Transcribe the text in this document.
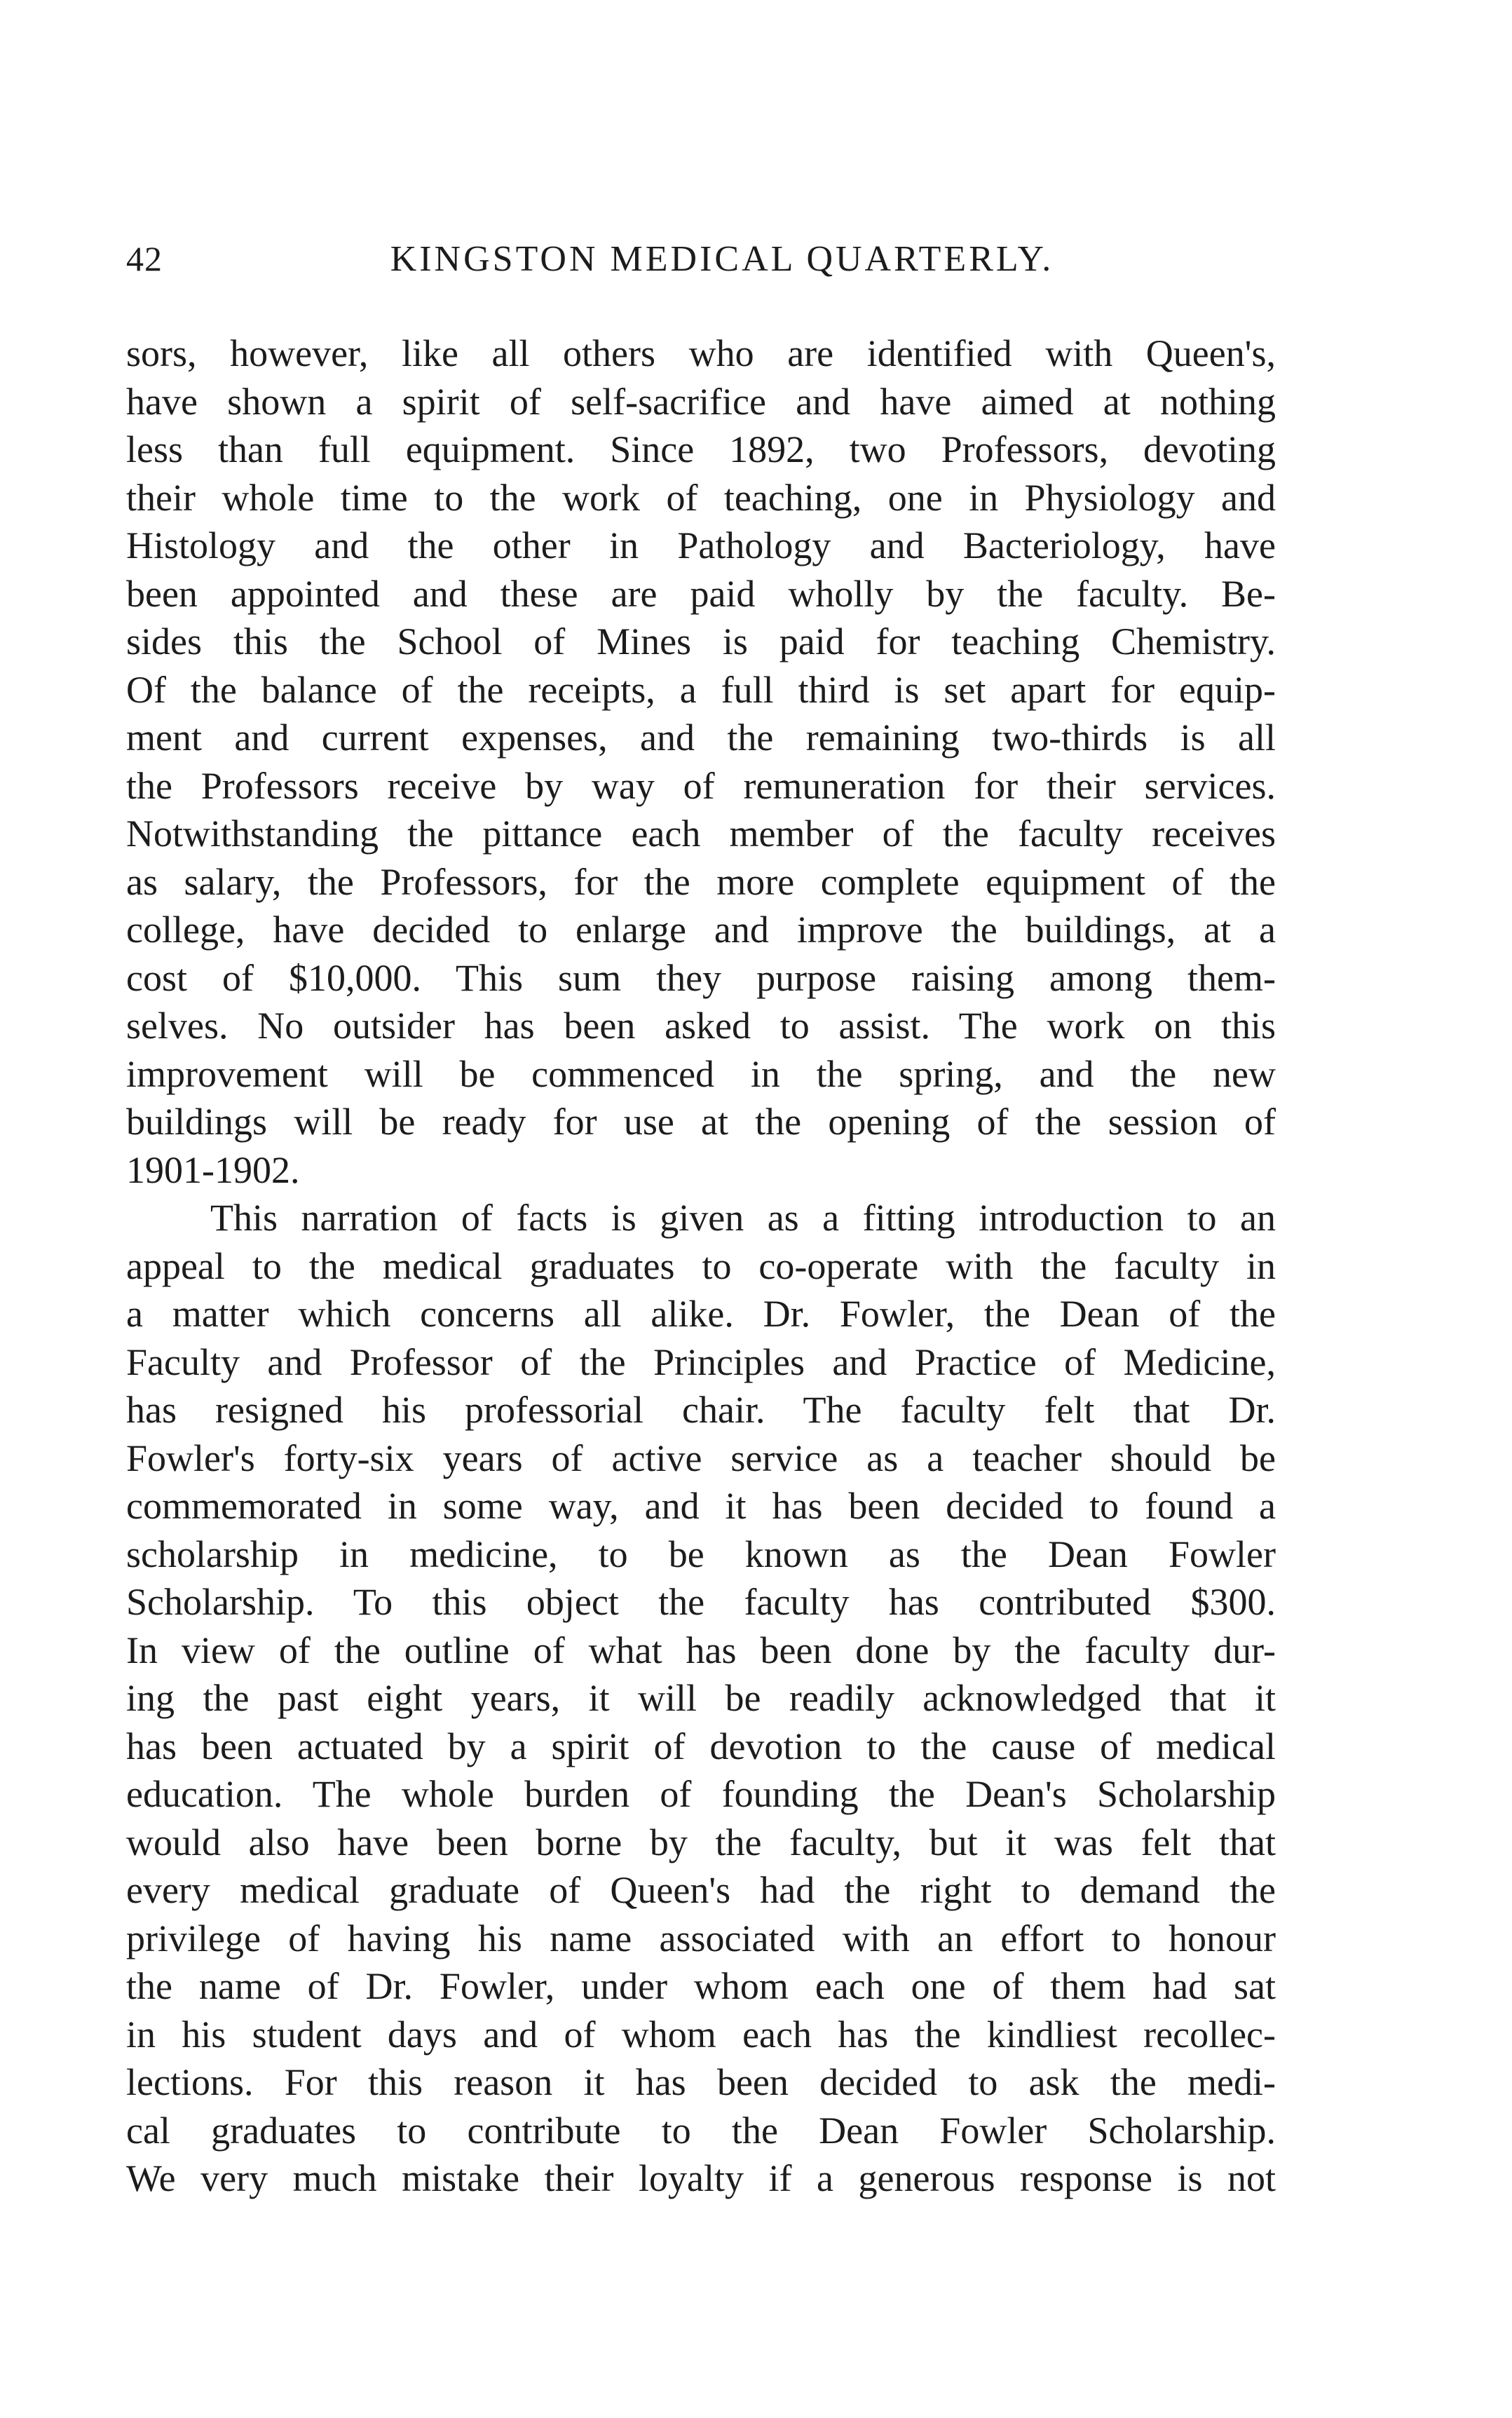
42	KINGSTON MEDICAL QUARTERLY.
sors, however, like all others who are identified with Queen's,
have shown a spirit of self-sacrifice and have aimed at nothing
less than full equipment. Since 1892, two Professors, devoting
their whole time to the work of teaching, one in Physiology and
Histology and the other in Pathology and Bacteriology, have
been appointed and these are paid wholly by the faculty. Be-
sides this the School of Mines is paid for teaching Chemistry.
Of the balance of the receipts, a full third is set apart for equip-
ment and current expenses, and the remaining two-thirds is all
the Professors receive by way of remuneration for their services.
Notwithstanding the pittance each member of the faculty receives
as salary, the Professors, for the more complete equipment of the
college, have decided to enlarge and improve the buildings, at a
cost of $10,000. This sum they purpose raising among them-
selves. No outsider has been asked to assist. The work on this
improvement will be commenced in the spring, and the new
buildings will be ready for use at the opening of the session of
1901-1902.
This narration of facts is given as a fitting introduction to an
appeal to the medical graduates to co-operate with the faculty in
a matter which concerns all alike. Dr. Fowler, the Dean of the
Faculty and Professor of the Principles and Practice of Medicine,
has resigned his professorial chair. The faculty felt that Dr.
Fowler's forty-six years of active service as a teacher should be
commemorated in some way, and it has been decided to found a
scholarship in medicine, to be known as the Dean Fowler
Scholarship. To this object the faculty has contributed $300.
In view of the outline of what has been done by the faculty dur-
ing the past eight years, it will be readily acknowledged that it
has been actuated by a spirit of devotion to the cause of medical
education. The whole burden of founding the Dean's Scholarship
would also have been borne by the faculty, but it was felt that
every medical graduate of Queen's had the right to demand the
privilege of having his name associated with an effort to honour
the name of Dr. Fowler, under whom each one of them had sat
in his student days and of whom each has the kindliest recollec-
lections. For this reason it has been decided to ask the medi-
cal graduates to contribute to the Dean Fowler Scholarship.
We very much mistake their loyalty if a generous response is not
